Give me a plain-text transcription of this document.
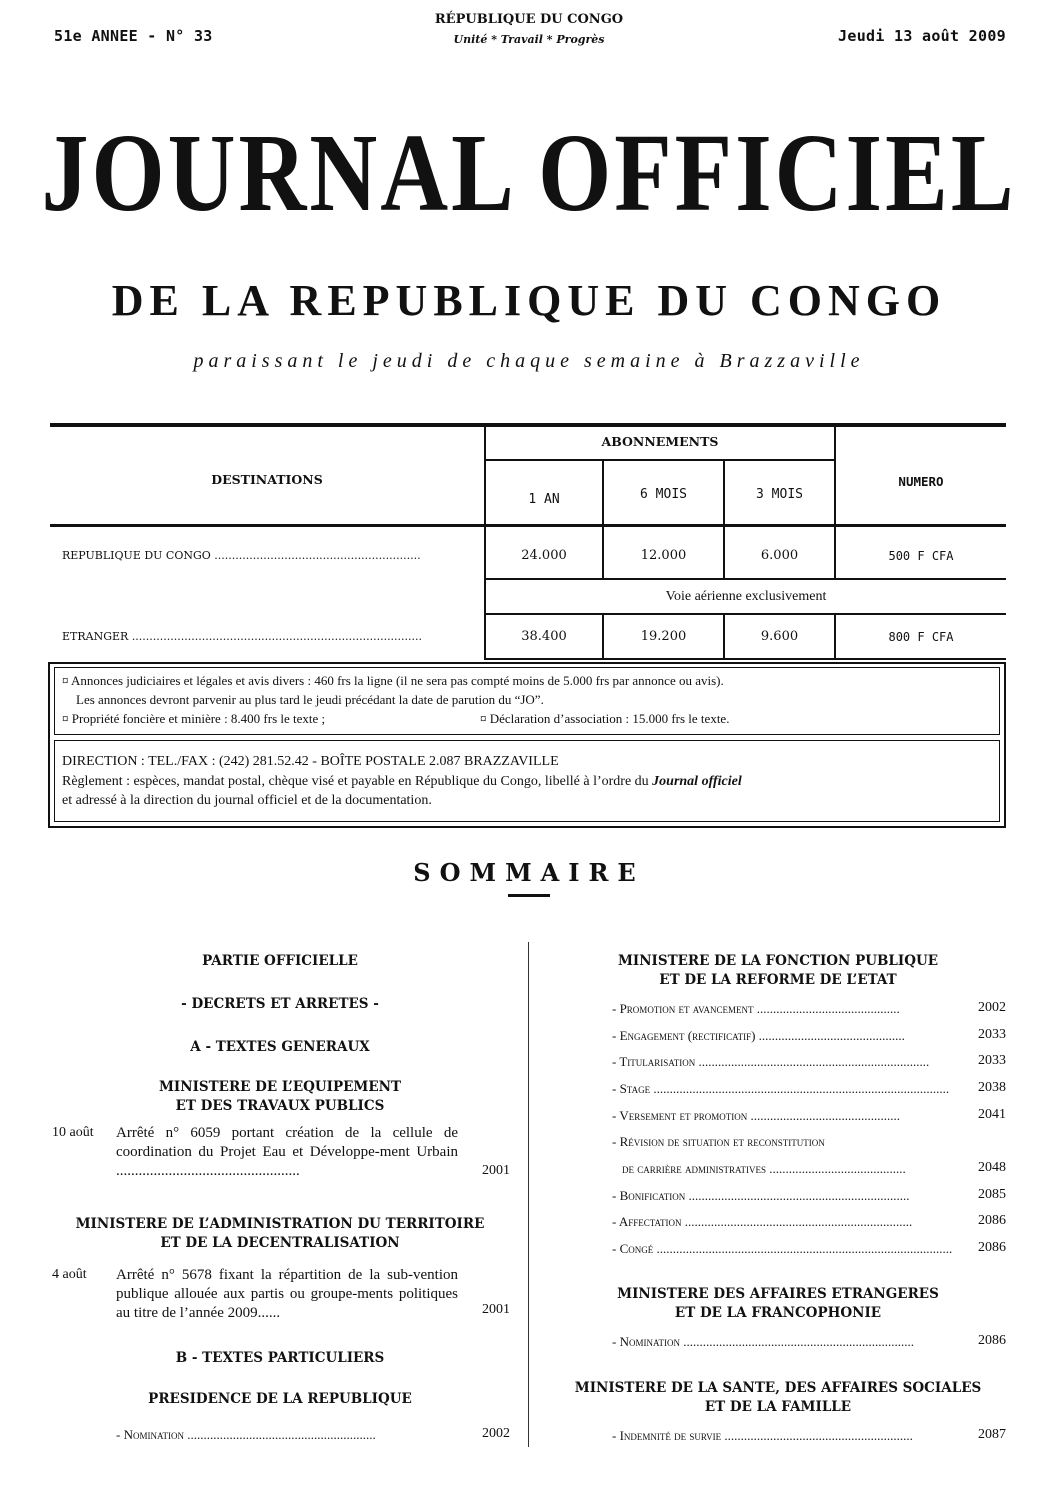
51e ANNEE - N° 33
RÉPUBLIQUE DU CONGO
Unité * Travail * Progrès	Jeudi 13 août 2009
JOURNAL OFFICIEL
DE LA REPUBLIQUE DU CONGO
paraissant le jeudi de chaque semaine à Brazzaville
DESTINATIONS
ABONNEMENTS
1 AN	6 MOIS	3 MOIS
NUMERO
REPUBLIQUE DU CONGO ...........................................................	24.000	12.000	6.000	500 F CFA
Voie aérienne exclusivement
ETRANGER ...................................................................................	38.400	19.200	9.600	800 F CFA
¤ Annonces judiciaires et légales et avis divers : 460 frs la ligne (il ne sera pas compté moins de 5.000 frs par annonce ou avis).
Les annonces devront parvenir au plus tard le jeudi précédant la date de parution du “JO”.
¤ Propriété foncière et minière : 8.400 frs le texte ;	¤ Déclaration d’association : 15.000 frs le texte.
DIRECTION : TEL./FAX : (242) 281.52.42 - BOÎTE POSTALE 2.087 BRAZZAVILLE
Règlement : espèces, mandat postal, chèque visé et payable en République du Congo, libellé à l’ordre du Journal officiel
et adressé à la direction du journal officiel et de la documentation.
SOMMAIRE
PARTIE OFFICIELLE
- DECRETS ET ARRETES -
A - TEXTES GENERAUX
MINISTERE DE L’EQUIPEMENT
ET DES TRAVAUX PUBLICS
10 août Arrêté n° 6059 portant création de la cellule de coordination du Projet Eau et Développe-ment Urbain .................................................	2001
MINISTERE DE L’ADMINISTRATION DU TERRITOIRE
ET DE LA DECENTRALISATION
4 août Arrêté n° 5678 fixant la répartition de la sub-vention publique allouée aux partis ou groupe-ments politiques au titre de l’année 2009......	2001
B - TEXTES PARTICULIERS
PRESIDENCE DE LA REPUBLIQUE
- Nomination ..........................................................	2002
MINISTERE DE LA FONCTION PUBLIQUE
ET DE LA REFORME DE L’ETAT
- Promotion et avancement ............................................	2002
- Engagement (rectificatif) .............................................	2033
- Titularisation .......................................................................	2033
- Stage ...........................................................................................	2038
- Versement et promotion ..............................................	2041
- Révision de situation et reconstitution
de carrière administratives ..........................................	2048
- Bonification ....................................................................	2085
- Affectation ......................................................................	2086
- Congé ...........................................................................................	2086
MINISTERE DES AFFAIRES ETRANGERES
ET DE LA FRANCOPHONIE
- Nomination .......................................................................	2086
MINISTERE DE LA SANTE, DES AFFAIRES SOCIALES
ET DE LA FAMILLE
- Indemnité de survie ..........................................................	2087
